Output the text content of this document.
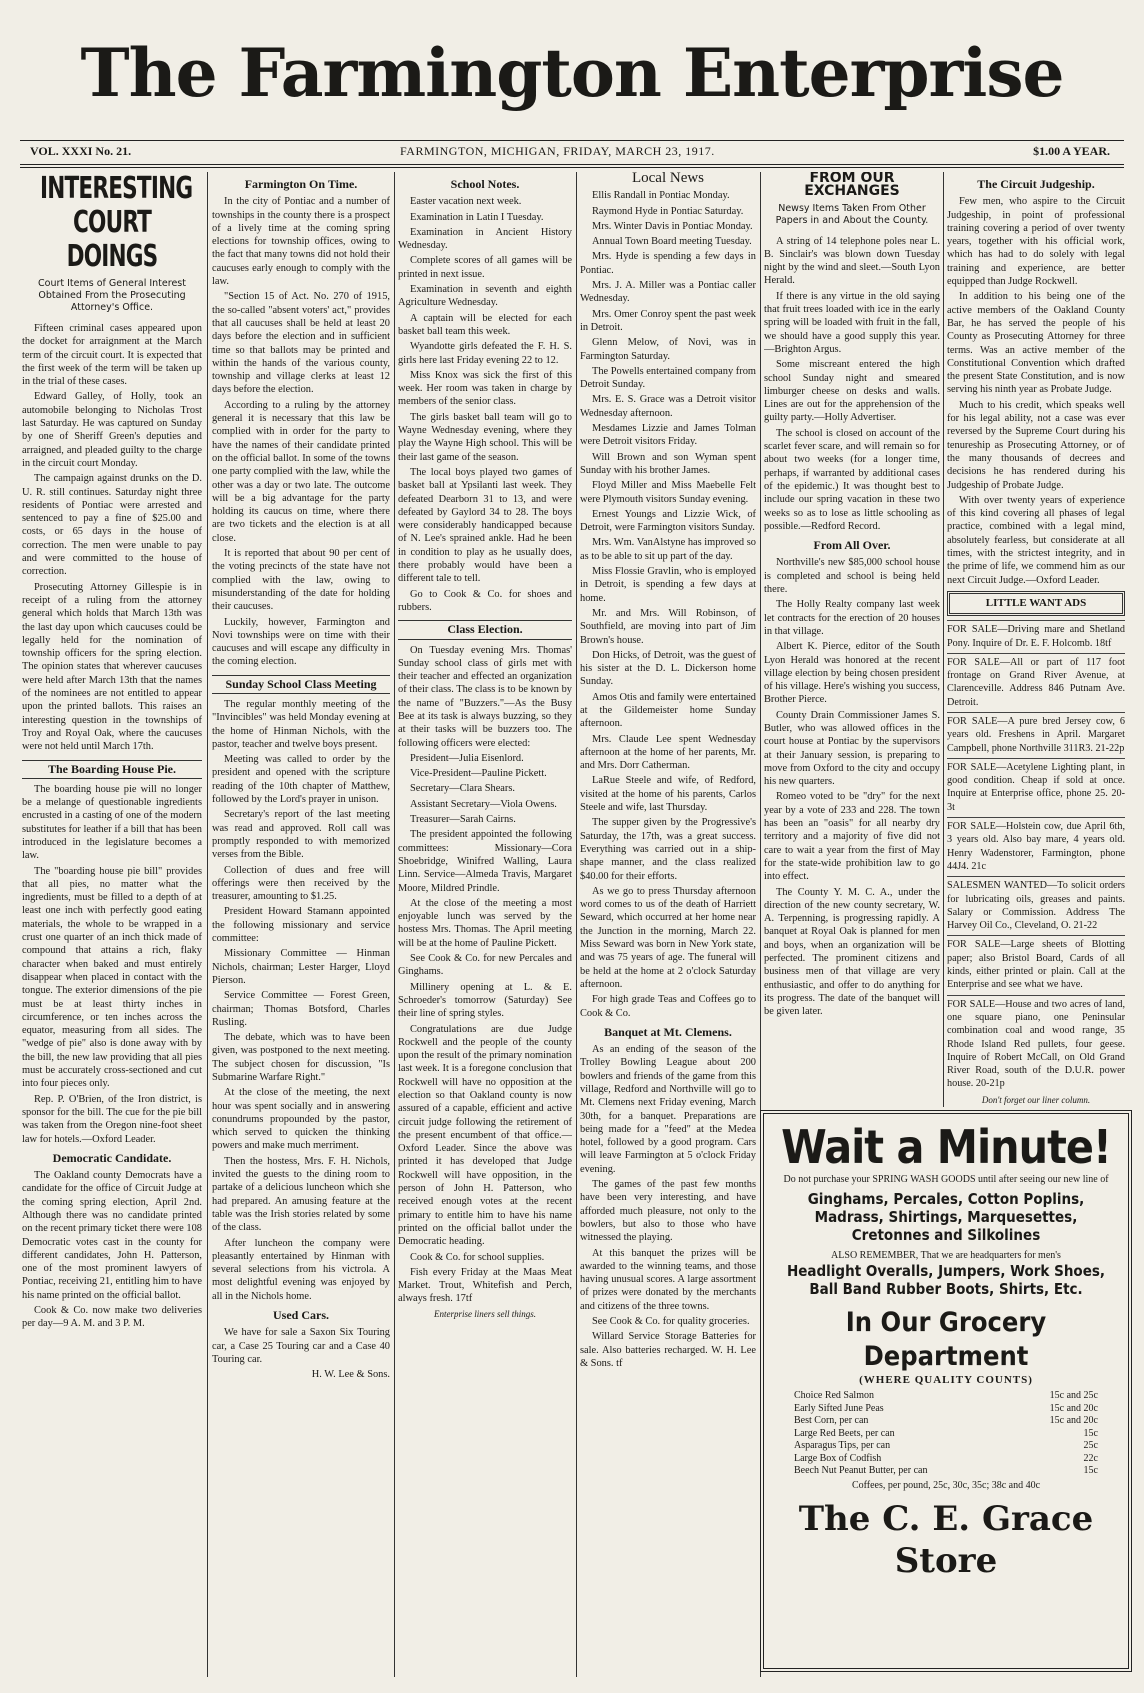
The Farmington Enterprise
VOL. XXXI No. 21.	FARMINGTON, MICHIGAN, FRIDAY, MARCH 23, 1917.	$1.00 A YEAR.
INTERESTING COURT DOINGS
Court Items of General Interest Obtained From the Prosecuting Attorney's Office.

Fifteen criminal cases appeared upon the docket for arraignment at the March term of the circuit court. It is expected that the first week of the term will be taken up in the trial of these cases.

Edward Galley, of Holly, took an automobile belonging to Nicholas Trost last Saturday. He was captured on Sunday by one of Sheriff Green's deputies and arraigned, and pleaded guilty to the charge in the circuit court Monday.

The campaign against drunks on the D. U. R. still continues. Saturday night three residents of Pontiac were arrested and sentenced to pay a fine of $25.00 and costs, or 65 days in the house of correction. The men were unable to pay and were committed to the house of correction.

Prosecuting Attorney Gillespie is in receipt of a ruling from the attorney general which holds that March 13th was the last day upon which caucuses could be legally held for the nomination of township officers for the spring election. The opinion states that wherever caucuses were held after March 13th that the names of the nominees are not entitled to appear upon the printed ballots. This raises an interesting question in the townships of Troy and Royal Oak, where the caucuses were not held until March 17th.

The Boarding House Pie.

The boarding house pie will no longer be a melange of questionable ingredients encrusted in a casting of one of the modern substitutes for leather if a bill that has been introduced in the legislature becomes a law.

The "boarding house pie bill" provides that all pies, no matter what the ingredients, must be filled to a depth of at least one inch with perfectly good eating materials, the whole to be wrapped in a crust one quarter of an inch thick made of compound that attains a rich, flaky character when baked and must entirely disappear when placed in contact with the tongue. The exterior dimensions of the pie must be at least thirty inches in circumference, or ten inches across the equator, measuring from all sides. The "wedge of pie" also is done away with by the bill, the new law providing that all pies must be accurately cross-sectioned and cut into four pieces only.

Rep. P. O'Brien, of the Iron district, is sponsor for the bill. The cue for the pie bill was taken from the Oregon nine-foot sheet law for hotels.—Oxford Leader.

Democratic Candidate.

The Oakland county Democrats have a candidate for the office of Circuit Judge at the coming spring election, April 2nd. Although there was no candidate printed on the recent primary ticket there were 108 Democratic votes cast in the county for different candidates, John H. Patterson, one of the most prominent lawyers of Pontiac, receiving 21, entitling him to have his name printed on the official ballot.

Cook & Co. now make two deliveries per day—9 A. M. and 3 P. M.

Farmington On Time.

In the city of Pontiac and a number of townships in the county there is a prospect of a lively time at the coming spring elections for township offices, owing to the fact that many towns did not hold their caucuses early enough to comply with the law.

"Section 15 of Act. No. 270 of 1915, the so-called "absent voters' act," provides that all caucuses shall be held at least 20 days before the election and in sufficient time so that ballots may be printed and within the hands of the various county, township and village clerks at least 12 days before the election.

According to a ruling by the attorney general it is necessary that this law be complied with in order for the party to have the names of their candidate printed on the official ballot. In some of the towns one party complied with the law, while the other was a day or two late. The outcome will be a big advantage for the party holding its caucus on time, where there are two tickets and the election is at all close.

It is reported that about 90 per cent of the voting precincts of the state have not complied with the law, owing to misunderstanding of the date for holding their caucuses.

Luckily, however, Farmington and Novi townships were on time with their caucuses and will escape any difficulty in the coming election.

Sunday School Class Meeting

The regular monthly meeting of the "Invincibles" was held Monday evening at the home of Hinman Nichols, with the pastor, teacher and twelve boys present.

Meeting was called to order by the president and opened with the scripture reading of the 10th chapter of Matthew, followed by the Lord's prayer in unison.

Secretary's report of the last meeting was read and approved. Roll call was promptly responded to with memorized verses from the Bible.

Collection of dues and free will offerings were then received by the treasurer, amounting to $1.25.

President Howard Stamann appointed the following missionary and service committee:

Missionary Committee — Hinman Nichols, chairman; Lester Harger, Lloyd Pierson.

Service Committee — Forest Green, chairman; Thomas Botsford, Charles Rusling.

The debate, which was to have been given, was postponed to the next meeting. The subject chosen for discussion, "Is Submarine Warfare Right."

At the close of the meeting, the next hour was spent socially and in answering conundrums propounded by the pastor, which served to quicken the thinking powers and make much merriment.

Then the hostess, Mrs. F. H. Nichols, invited the guests to the dining room to partake of a delicious luncheon which she had prepared. An amusing feature at the table was the Irish stories related by some of the class.

After luncheon the company were pleasantly entertained by Hinman with several selections from his victrola. A most delightful evening was enjoyed by all in the Nichols home.

Used Cars.

We have for sale a Saxon Six Touring car, a Case 25 Touring car and a Case 40 Touring car.

H. W. Lee & Sons.
School Notes.

Easter vacation next week.

Examination in Latin I Tuesday.

Examination in Ancient History Wednesday.

Complete scores of all games will be printed in next issue.

Examination in seventh and eighth Agriculture Wednesday.

A captain will be elected for each basket ball team this week.

Wyandotte girls defeated the F. H. S. girls here last Friday evening 22 to 12.

Miss Knox was sick the first of this week. Her room was taken in charge by members of the senior class.

The girls basket ball team will go to Wayne Wednesday evening, where they play the Wayne High school. This will be their last game of the season.

The local boys played two games of basket ball at Ypsilanti last week. They defeated Dearborn 31 to 13, and were defeated by Gaylord 34 to 28. The boys were considerably handicapped because of N. Lee's sprained ankle. Had he been in condition to play as he usually does, there probably would have been a different tale to tell.

Go to Cook & Co. for shoes and rubbers.

Class Election.

On Tuesday evening Mrs. Thomas' Sunday school class of girls met with their teacher and effected an organization of their class. The class is to be known by the name of "Buzzers."—As the Busy Bee at its task is always buzzing, so they at their tasks will be buzzers too. The following officers were elected:

President—Julia Eisenlord.

Vice-President—Pauline Pickett.

Secretary—Clara Shears.

Assistant Secretary—Viola Owens.

Treasurer—Sarah Cairns.

The president appointed the following committees: Missionary—Cora Shoebridge, Winifred Walling, Laura Linn. Service—Almeda Travis, Margaret Moore, Mildred Prindle.

At the close of the meeting a most enjoyable lunch was served by the hostess Mrs. Thomas. The April meeting will be at the home of Pauline Pickett.

See Cook & Co. for new Percales and Ginghams.

Millinery opening at L. & E. Schroeder's tomorrow (Saturday) See their line of spring styles.

Congratulations are due Judge Rockwell and the people of the county upon the result of the primary nomination last week. It is a foregone conclusion that Rockwell will have no opposition at the election so that Oakland county is now assured of a capable, efficient and active circuit judge following the retirement of the present encumbent of that office.—Oxford Leader. Since the above was printed it has developed that Judge Rockwell will have opposition, in the person of John H. Patterson, who received enough votes at the recent primary to entitle him to have his name printed on the official ballot under the Democratic heading.

Cook & Co. for school supplies.

Fish every Friday at the Maas Meat Market. Trout, Whitefish and Perch, always fresh. 17tf

Enterprise liners sell things.
Local News

Ellis Randall in Pontiac Monday.

Raymond Hyde in Pontiac Saturday.

Mrs. Winter Davis in Pontiac Monday.

Annual Town Board meeting Tuesday.

Mrs. Hyde is spending a few days in Pontiac.

Mrs. J. A. Miller was a Pontiac caller Wednesday.

Mrs. Omer Conroy spent the past week in Detroit.

Glenn Melow, of Novi, was in Farmington Saturday.

The Powells entertained company from Detroit Sunday.

Mrs. E. S. Grace was a Detroit visitor Wednesday afternoon.

Mesdames Lizzie and James Tolman were Detroit visitors Friday.

Will Brown and son Wyman spent Sunday with his brother James.

Floyd Miller and Miss Maebelle Felt were Plymouth visitors Sunday evening.

Ernest Youngs and Lizzie Wick, of Detroit, were Farmington visitors Sunday.

Mrs. Wm. VanAlstyne has improved so as to be able to sit up part of the day.

Miss Flossie Gravlin, who is employed in Detroit, is spending a few days at home.

Mr. and Mrs. Will Robinson, of Southfield, are moving into part of Jim Brown's house.

Don Hicks, of Detroit, was the guest of his sister at the D. L. Dickerson home Sunday.

Amos Otis and family were entertained at the Gildemeister home Sunday afternoon.

Mrs. Claude Lee spent Wednesday afternoon at the home of her parents, Mr. and Mrs. Dorr Catherman.

LaRue Steele and wife, of Redford, visited at the home of his parents, Carlos Steele and wife, last Thursday.

The supper given by the Progressive's Saturday, the 17th, was a great success. Everything was carried out in a ship-shape manner, and the class realized $40.00 for their efforts.

As we go to press Thursday afternoon word comes to us of the death of Harriett Seward, which occurred at her home near the Junction in the morning, March 22. Miss Seward was born in New York state, and was 75 years of age. The funeral will be held at the home at 2 o'clock Saturday afternoon.

For high grade Teas and Coffees go to Cook & Co.

Banquet at Mt. Clemens.

As an ending of the season of the Trolley Bowling League about 200 bowlers and friends of the game from this village, Redford and Northville will go to Mt. Clemens next Friday evening, March 30th, for a banquet. Preparations are being made for a "feed" at the Medea hotel, followed by a good program. Cars will leave Farmington at 5 o'clock Friday evening.

The games of the past few months have been very interesting, and have afforded much pleasure, not only to the bowlers, but also to those who have witnessed the playing.

At this banquet the prizes will be awarded to the winning teams, and those having unusual scores. A large assortment of prizes were donated by the merchants and citizens of the three towns.

See Cook & Co. for quality groceries.

Willard Service Storage Batteries for sale. Also batteries recharged. W. H. Lee & Sons. tf

FROM OUR EXCHANGES
Newsy Items Taken From Other Papers in and About the County.

A string of 14 telephone poles near L. B. Sinclair's was blown down Tuesday night by the wind and sleet.—South Lyon Herald.

If there is any virtue in the old saying that fruit trees loaded with ice in the early spring will be loaded with fruit in the fall, we should have a good supply this year.—Brighton Argus.

Some miscreant entered the high school Sunday night and smeared limburger cheese on desks and walls. Lines are out for the apprehension of the guilty party.—Holly Advertiser.

The school is closed on account of the scarlet fever scare, and will remain so for about two weeks (for a longer time, perhaps, if warranted by additional cases of the epidemic.) It was thought best to include our spring vacation in these two weeks so as to lose as little schooling as possible.—Redford Record.

From All Over.

Northville's new $85,000 school house is completed and school is being held there.

The Holly Realty company last week let contracts for the erection of 20 houses in that village.

Albert K. Pierce, editor of the South Lyon Herald was honored at the recent village election by being chosen president of his village. Here's wishing you success, Brother Pierce.

County Drain Commissioner James S. Butler, who was allowed offices in the court house at Pontiac by the supervisors at their January session, is preparing to move from Oxford to the city and occupy his new quarters.

Romeo voted to be "dry" for the next year by a vote of 233 and 228. The town has been an "oasis" for all nearby dry territory and a majority of five did not care to wait a year from the first of May for the state-wide prohibition law to go into effect.

The County Y. M. C. A., under the direction of the new county secretary, W. A. Terpenning, is progressing rapidly. A banquet at Royal Oak is planned for men and boys, when an organization will be perfected. The prominent citizens and business men of that village are very enthusiastic, and offer to do anything for its progress. The date of the banquet will be given later.

The Circuit Judgeship.

Few men, who aspire to the Circuit Judgeship, in point of professional training covering a period of over twenty years, together with his official work, which has had to do solely with legal training and experience, are better equipped than Judge Rockwell.

In addition to his being one of the active members of the Oakland County Bar, he has served the people of his County as Prosecuting Attorney for three terms. Was an active member of the Constitutional Convention which drafted the present State Constitution, and is now serving his ninth year as Probate Judge.

Much to his credit, which speaks well for his legal ability, not a case was ever reversed by the Supreme Court during his tenureship as Prosecuting Attorney, or of the many thousands of decrees and decisions he has rendered during his Judgeship of Probate Judge.

With over twenty years of experience of this kind covering all phases of legal practice, combined with a legal mind, absolutely fearless, but considerate at all times, with the strictest integrity, and in the prime of life, we commend him as our next Circuit Judge.—Oxford Leader.

LITTLE WANT ADS

FOR SALE—Driving mare and Shetland Pony. Inquire of Dr. E. F. Holcomb. 18tf

FOR SALE—All or part of 117 foot frontage on Grand River Avenue, at Clarenceville. Address 846 Putnam Ave. Detroit.

FOR SALE—A pure bred Jersey cow, 6 years old. Freshens in April. Margaret Campbell, phone Northville 311R3. 21-22p

FOR SALE—Acetylene Lighting plant, in good condition. Cheap if sold at once. Inquire at Enterprise office, phone 25. 20-3t

FOR SALE—Holstein cow, due April 6th, 3 years old. Also bay mare, 4 years old. Henry Wadenstorer, Farmington, phone 44J4. 21c

SALESMEN WANTED—To solicit orders for lubricating oils, greases and paints. Salary or Commission. Address The Harvey Oil Co., Cleveland, O. 21-22

FOR SALE—Large sheets of Blotting paper; also Bristol Board, Cards of all kinds, either printed or plain. Call at the Enterprise and see what we have.

FOR SALE—House and two acres of land, one square piano, one Peninsular combination coal and wood range, 35 Rhode Island Red pullets, four geese. Inquire of Robert McCall, on Old Grand River Road, south of the D.U.R. power house. 20-21p

Don't forget our liner column.
Wait a Minute!
Do not purchase your SPRING WASH GOODS until after seeing our new line of
Ginghams, Percales, Cotton Poplins, Madrass, Shirtings, Marquesettes, Cretonnes and Silkolines
ALSO REMEMBER, That we are headquarters for men's
Headlight Overalls, Jumpers, Work Shoes, Ball Band Rubber Boots, Shirts, Etc.
In Our Grocery Department
(WHERE QUALITY COUNTS)
Choice Red Salmon	15c and 25c
Early Sifted June Peas	15c and 20c
Best Corn, per can	15c and 20c
Large Red Beets, per can	15c
Asparagus Tips, per can	25c
Large Box of Codfish	22c
Beech Nut Peanut Butter, per can	15c
Coffees, per pound, 25c, 30c, 35c; 38c and 40c
The C. E. Grace Store
